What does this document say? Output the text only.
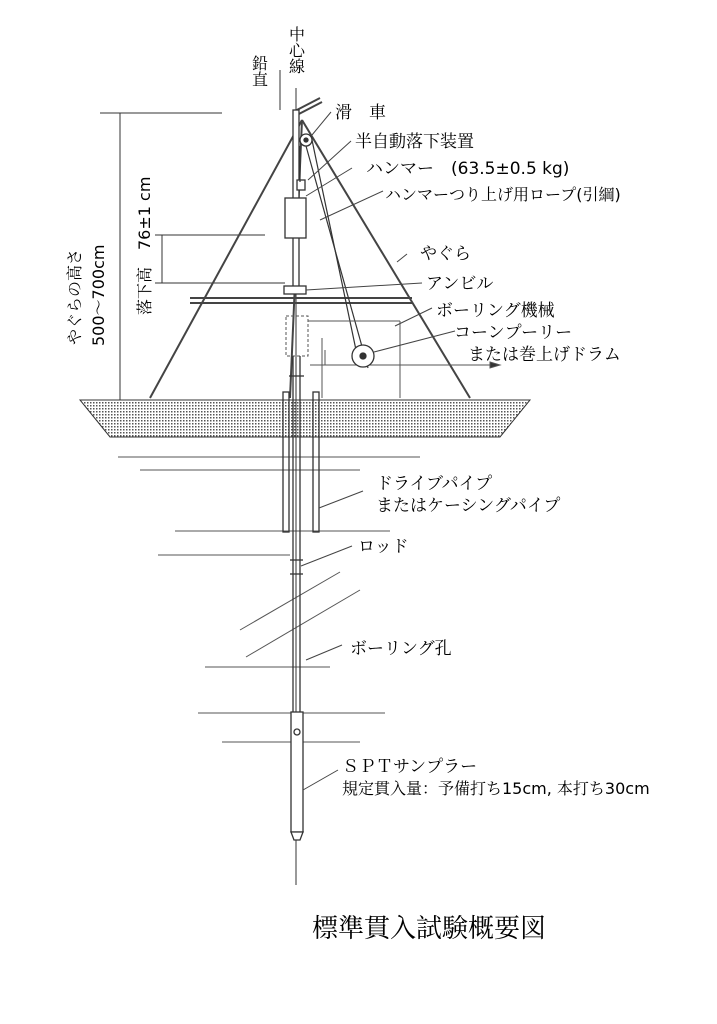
鉛直 中心線
やぐらの高さ 500～700cm 落下高
76±1 cm
滑　車
半自動落下装置
ハンマー　(63.5±0.5 kg)
ハンマーつり上げ用ロープ(引綱)
やぐら
アンビル
ボーリング機械
コーンプーリー
または巻上げドラム
ドライブパイプ
またはケーシングパイプ
ロッド
ボーリング孔
ＳＰＴサンプラー
規定貫入量：予備打ち15cm, 本打ち30cm
標準貫入試験概要図
